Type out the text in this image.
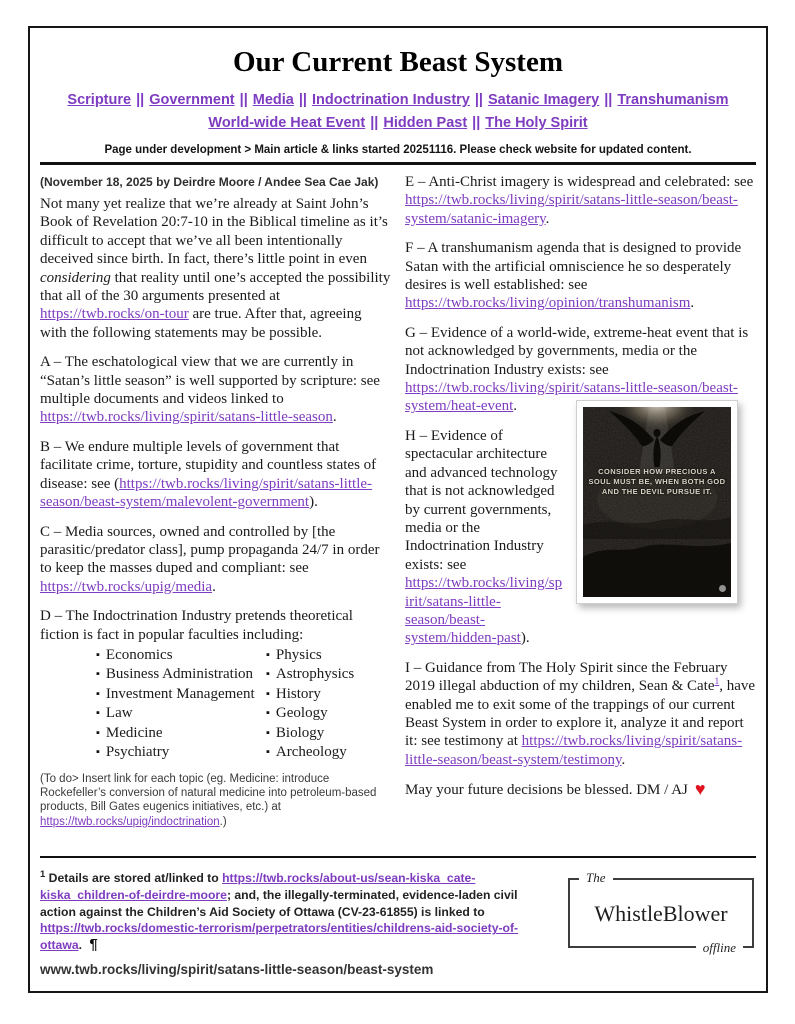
Our Current Beast System
Scripture || Government || Media || Indoctrination Industry || Satanic Imagery || Transhumanism
World-wide Heat Event || Hidden Past || The Holy Spirit
Page under development > Main article & links started 20251116. Please check website for updated content.
(November 18, 2025 by Deirdre Moore / Andee Sea Cae Jak)

Not many yet realize that we’re already at Saint John’s Book of Revelation 20:7-10 in the Biblical timeline as it’s difficult to accept that we’ve all been intentionally deceived since birth. In fact, there’s little point in even considering that reality until one’s accepted the possibility that all of the 30 arguments presented at https://twb.rocks/on-tour are true. After that, agreeing with the following statements may be possible.

A – The eschatological view that we are currently in “Satan’s little season” is well supported by scripture: see multiple documents and videos linked to https://twb.rocks/living/spirit/satans-little-season.

B – We endure multiple levels of government that facilitate crime, torture, stupidity and countless states of disease: see (https://twb.rocks/living/spirit/satans-little-season/beast-system/malevolent-government).

C – Media sources, owned and controlled by [the parasitic/predator class], pump propaganda 24/7 in order to keep the masses duped and compliant: see https://twb.rocks/upig/media.

D – The Indoctrination Industry pretends theoretical fiction is fact in popular faculties including:

▪ Economics
▪ Business Administration
▪ Investment Management
▪ Law
▪ Medicine
▪ Psychiatry
▪ Physics
▪ Astrophysics
▪ History
▪ Geology
▪ Biology
▪ Archeology
(To do> Insert link for each topic (eg. Medicine: introduce Rockefeller’s conversion of natural medicine into petroleum-based products, Bill Gates eugenics initiatives, etc.) at https://twb.rocks/upig/indoctrination.)

E – Anti-Christ imagery is widespread and celebrated: see https://twb.rocks/living/spirit/satans-little-season/beast-system/satanic-imagery.

F – A transhumanism agenda that is designed to provide Satan with the artificial omniscience he so desperately desires is well established: see https://twb.rocks/living/opinion/transhumanism.

CONSIDER HOW PRECIOUS A SOUL MUST BE, WHEN BOTH GOD AND THE DEVIL PURSUE IT.

G – Evidence of a world-wide, extreme-heat event that is not acknowledged by governments, media or the Indoctrination Industry exists: see https://twb.rocks/living/spirit/satans-little-season/beast-system/heat-event.

H – Evidence of spectacular architecture and advanced technology that is not acknowledged by current governments, media or the Indoctrination Industry exists: see https://twb.rocks/living/spirit/satans-little-season/beast-system/hidden-past).

I – Guidance from The Holy Spirit since the February 2019 illegal abduction of my children, Sean & Cate$^1$, have enabled me to exit some of the trappings of our current Beast System in order to explore it, analyze it and report it: see testimony at https://twb.rocks/living/spirit/satans-little-season/beast-system/testimony.

May your future decisions be blessed. DM / AJ ♥

$^1$ Details are stored at/linked to https://twb.rocks/about-us/sean-kiska_cate-kiska_children-of-deirdre-moore; and, the illegally-terminated, evidence-laden civil action against the Children’s Aid Society of Ottawa (CV-23-61855) is linked to https://twb.rocks/domestic-terrorism/perpetrators/entities/childrens-aid-society-of-ottawa. ¶
The
WhistleBlower
offline
www.twb.rocks/living/spirit/satans-little-season/beast-system
